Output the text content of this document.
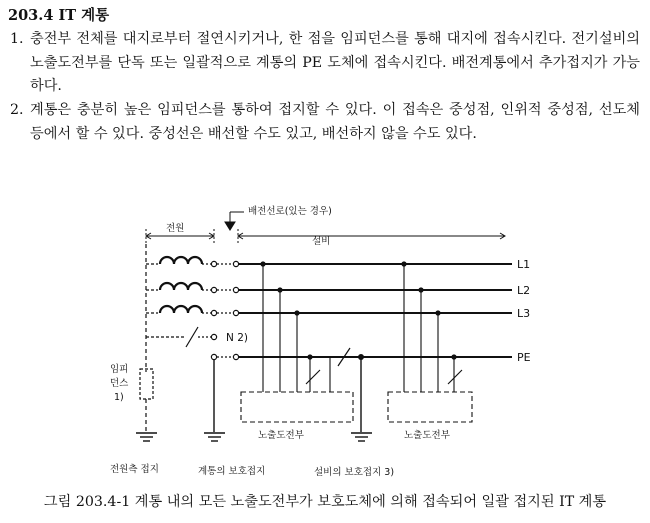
203.4 IT 계통
1. 충전부 전체를 대지로부터 절연시키거나, 한 점을 임피던스를 통해 대지에 접속시킨다. 전기설비의 노출도전부를 단독 또는 일괄적으로 계통의 PE 도체에 접속시킨다. 배전계통에서 추가접지가 가능하다.
2. 계통은 충분히 높은 임피던스를 통하여 접지할 수 있다. 이 접속은 중성점, 인위적 중성점, 선도체 등에서 할 수 있다. 중성선은 배선할 수도 있고, 배선하지 않을 수도 있다.
전원
배전선로(있는 경우)
설비
N 2)
L1
L2
L3
PE
임피
던스
1)
노출도전부	노출도전부
전원측 접지	계통의 보호접지	설비의 보호접지 3)
그림 203.4-1 계통 내의 모든 노출도전부가 보호도체에 의해 접속되어 일괄 접지된 IT 계통
